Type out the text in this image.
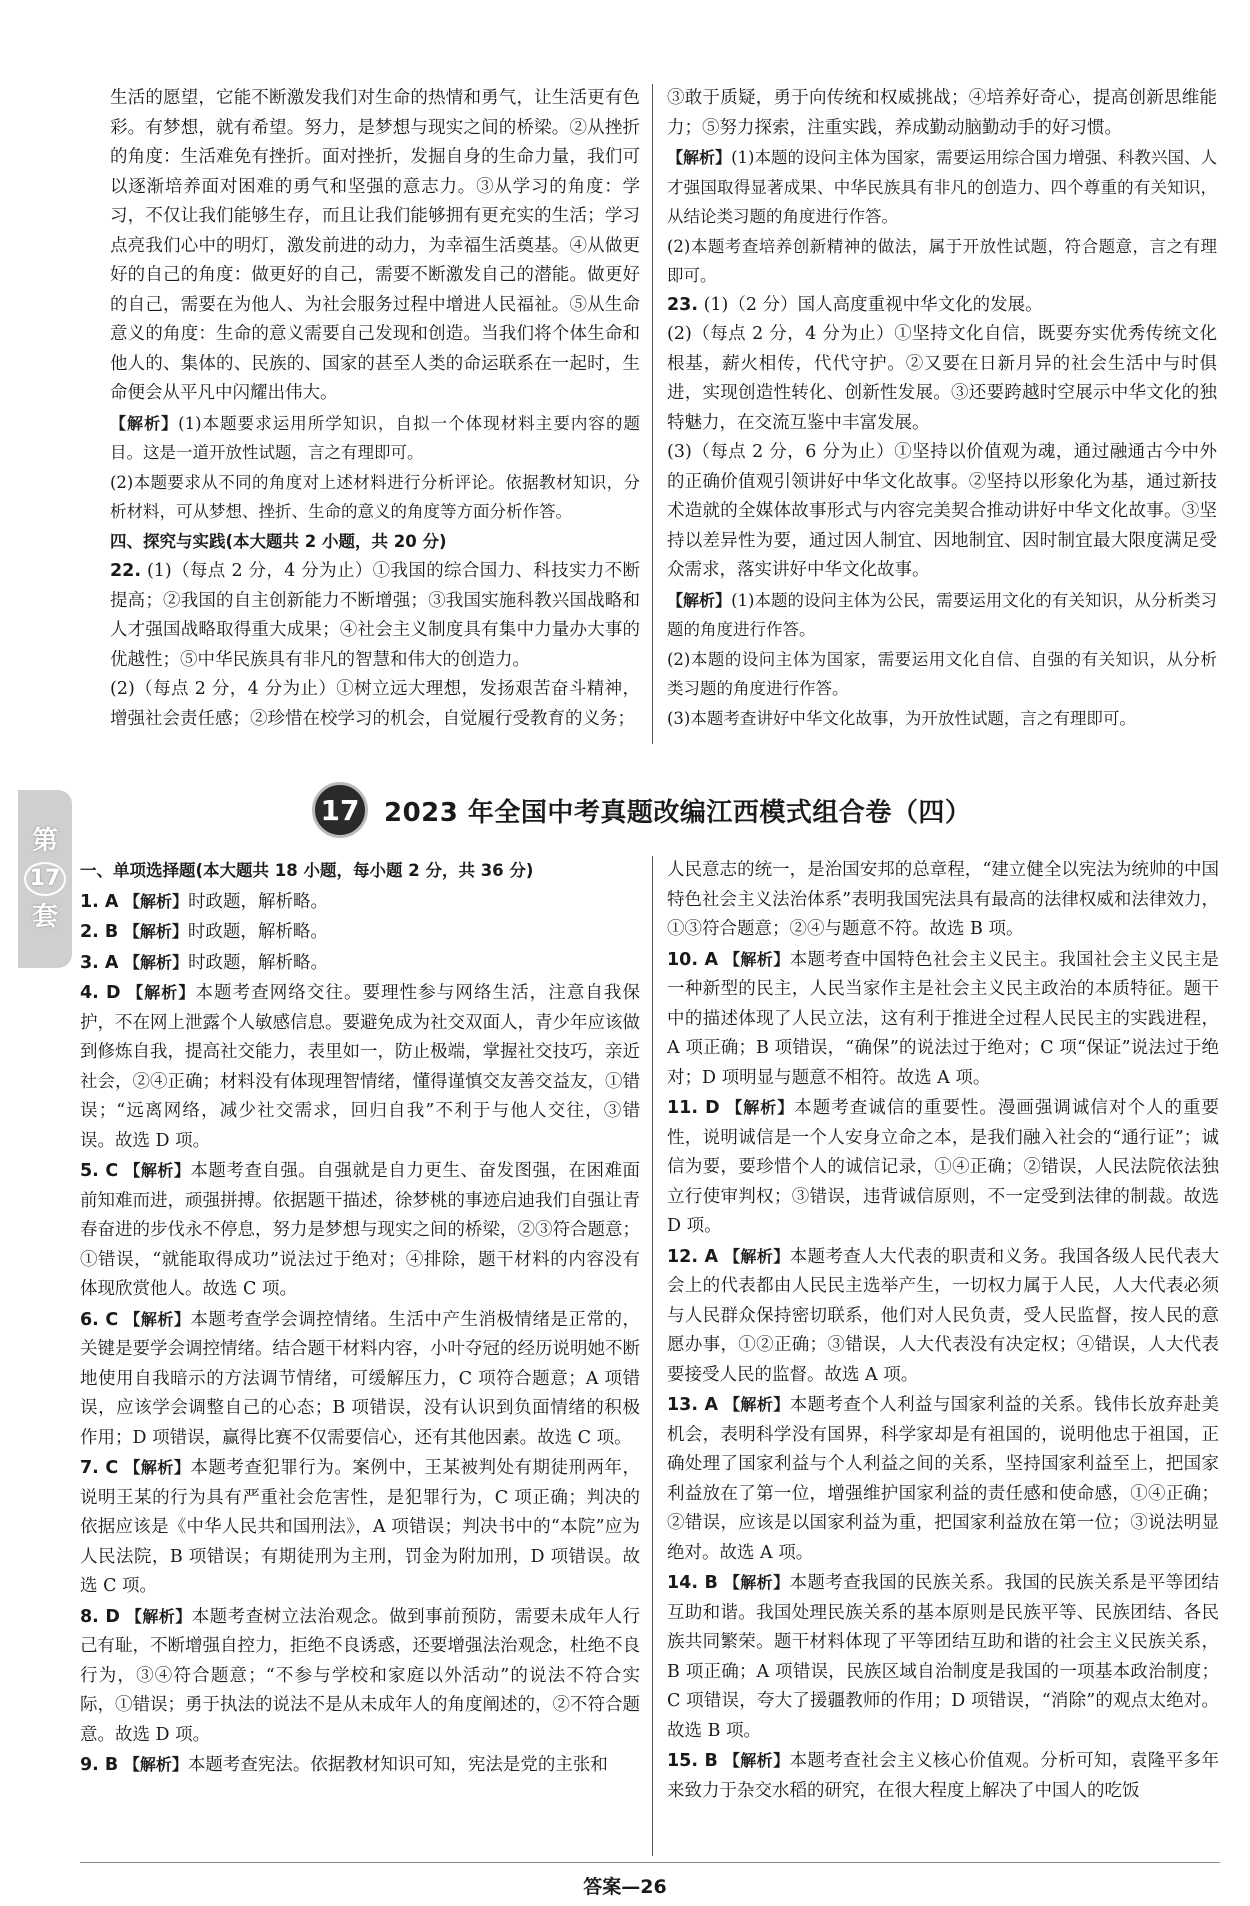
生活的愿望，它能不断激发我们对生命的热情和勇气，让生活更有色彩。有梦想，就有希望。努力，是梦想与现实之间的桥梁。②从挫折的角度：生活难免有挫折。面对挫折，发掘自身的生命力量，我们可以逐渐培养面对困难的勇气和坚强的意志力。③从学习的角度：学习，不仅让我们能够生存，而且让我们能够拥有更充实的生活；学习点亮我们心中的明灯，激发前进的动力，为幸福生活奠基。④从做更好的自己的角度：做更好的自己，需要不断激发自己的潜能。做更好的自己，需要在为他人、为社会服务过程中增进人民福祉。⑤从生命意义的角度：生命的意义需要自己发现和创造。当我们将个体生命和他人的、集体的、民族的、国家的甚至人类的命运联系在一起时，生命便会从平凡中闪耀出伟大。

【解析】(1)本题要求运用所学知识，自拟一个体现材料主要内容的题目。这是一道开放性试题，言之有理即可。

(2)本题要求从不同的角度对上述材料进行分析评论。依据教材知识，分析材料，可从梦想、挫折、生命的意义的角度等方面分析作答。

四、探究与实践(本大题共 2 小题，共 20 分)

22. (1)（每点 2 分，4 分为止）①我国的综合国力、科技实力不断提高；②我国的自主创新能力不断增强；③我国实施科教兴国战略和人才强国战略取得重大成果；④社会主义制度具有集中力量办大事的优越性；⑤中华民族具有非凡的智慧和伟大的创造力。

(2)（每点 2 分，4 分为止）①树立远大理想，发扬艰苦奋斗精神，增强社会责任感；②珍惜在校学习的机会，自觉履行受教育的义务；

③敢于质疑，勇于向传统和权威挑战；④培养好奇心，提高创新思维能力；⑤努力探索，注重实践，养成勤动脑勤动手的好习惯。

【解析】(1)本题的设问主体为国家，需要运用综合国力增强、科教兴国、人才强国取得显著成果、中华民族具有非凡的创造力、四个尊重的有关知识，从结论类习题的角度进行作答。

(2)本题考查培养创新精神的做法，属于开放性试题，符合题意，言之有理即可。

23. (1)（2 分）国人高度重视中华文化的发展。

(2)（每点 2 分，4 分为止）①坚持文化自信，既要夯实优秀传统文化根基，薪火相传，代代守护。②又要在日新月异的社会生活中与时俱进，实现创造性转化、创新性发展。③还要跨越时空展示中华文化的独特魅力，在交流互鉴中丰富发展。

(3)（每点 2 分，6 分为止）①坚持以价值观为魂，通过融通古今中外的正确价值观引领讲好中华文化故事。②坚持以形象化为基，通过新技术造就的全媒体故事形式与内容完美契合推动讲好中华文化故事。③坚持以差异性为要，通过因人制宜、因地制宜、因时制宜最大限度满足受众需求，落实讲好中华文化故事。

【解析】(1)本题的设问主体为公民，需要运用文化的有关知识，从分析类习题的角度进行作答。

(2)本题的设问主体为国家，需要运用文化自信、自强的有关知识，从分析类习题的角度进行作答。

(3)本题考查讲好中华文化故事，为开放性试题，言之有理即可。

第
17
套
17 2023 年全国中考真题改编江西模式组合卷（四）

一、单项选择题(本大题共 18 小题，每小题 2 分，共 36 分)

1. A 【解析】时政题，解析略。

2. B 【解析】时政题，解析略。

3. A 【解析】时政题，解析略。

4. D 【解析】本题考查网络交往。要理性参与网络生活，注意自我保护，不在网上泄露个人敏感信息。要避免成为社交双面人，青少年应该做到修炼自我，提高社交能力，表里如一，防止极端，掌握社交技巧，亲近社会，②④正确；材料没有体现理智情绪，懂得谨慎交友善交益友，①错误；“远离网络，减少社交需求，回归自我”不利于与他人交往，③错误。故选 D 项。

5. C 【解析】本题考查自强。自强就是自力更生、奋发图强，在困难面前知难而进，顽强拼搏。依据题干描述，徐梦桃的事迹启迪我们自强让青春奋进的步伐永不停息，努力是梦想与现实之间的桥梁，②③符合题意；①错误，“就能取得成功”说法过于绝对；④排除，题干材料的内容没有体现欣赏他人。故选 C 项。

6. C 【解析】本题考查学会调控情绪。生活中产生消极情绪是正常的，关键是要学会调控情绪。结合题干材料内容，小叶夺冠的经历说明她不断地使用自我暗示的方法调节情绪，可缓解压力，C 项符合题意；A 项错误，应该学会调整自己的心态；B 项错误，没有认识到负面情绪的积极作用；D 项错误，赢得比赛不仅需要信心，还有其他因素。故选 C 项。

7. C 【解析】本题考查犯罪行为。案例中，王某被判处有期徒刑两年，说明王某的行为具有严重社会危害性，是犯罪行为，C 项正确；判决的依据应该是《中华人民共和国刑法》，A 项错误；判决书中的“本院”应为人民法院，B 项错误；有期徒刑为主刑，罚金为附加刑，D 项错误。故选 C 项。

8. D 【解析】本题考查树立法治观念。做到事前预防，需要未成年人行己有耻，不断增强自控力，拒绝不良诱惑，还要增强法治观念，杜绝不良行为，③④符合题意；“不参与学校和家庭以外活动”的说法不符合实际，①错误；勇于执法的说法不是从未成年人的角度阐述的，②不符合题意。故选 D 项。

9. B 【解析】本题考查宪法。依据教材知识可知，宪法是党的主张和

人民意志的统一，是治国安邦的总章程，“建立健全以宪法为统帅的中国特色社会主义法治体系”表明我国宪法具有最高的法律权威和法律效力，①③符合题意；②④与题意不符。故选 B 项。

10. A 【解析】本题考查中国特色社会主义民主。我国社会主义民主是一种新型的民主，人民当家作主是社会主义民主政治的本质特征。题干中的描述体现了人民立法，这有利于推进全过程人民民主的实践进程，A 项正确；B 项错误，“确保”的说法过于绝对；C 项“保证”说法过于绝对；D 项明显与题意不相符。故选 A 项。

11. D 【解析】本题考查诚信的重要性。漫画强调诚信对个人的重要性，说明诚信是一个人安身立命之本，是我们融入社会的“通行证”；诚信为要，要珍惜个人的诚信记录，①④正确；②错误，人民法院依法独立行使审判权；③错误，违背诚信原则，不一定受到法律的制裁。故选 D 项。

12. A 【解析】本题考查人大代表的职责和义务。我国各级人民代表大会上的代表都由人民民主选举产生，一切权力属于人民，人大代表必须与人民群众保持密切联系，他们对人民负责，受人民监督，按人民的意愿办事，①②正确；③错误，人大代表没有决定权；④错误，人大代表要接受人民的监督。故选 A 项。

13. A 【解析】本题考查个人利益与国家利益的关系。钱伟长放弃赴美机会，表明科学没有国界，科学家却是有祖国的，说明他忠于祖国，正确处理了国家利益与个人利益之间的关系，坚持国家利益至上，把国家利益放在了第一位，增强维护国家利益的责任感和使命感，①④正确；②错误，应该是以国家利益为重，把国家利益放在第一位；③说法明显绝对。故选 A 项。

14. B 【解析】本题考查我国的民族关系。我国的民族关系是平等团结互助和谐。我国处理民族关系的基本原则是民族平等、民族团结、各民族共同繁荣。题干材料体现了平等团结互助和谐的社会主义民族关系，B 项正确；A 项错误，民族区域自治制度是我国的一项基本政治制度；C 项错误，夸大了援疆教师的作用；D 项错误，“消除”的观点太绝对。故选 B 项。

15. B 【解析】本题考查社会主义核心价值观。分析可知，袁隆平多年来致力于杂交水稻的研究，在很大程度上解决了中国人的吃饭

答案—26
